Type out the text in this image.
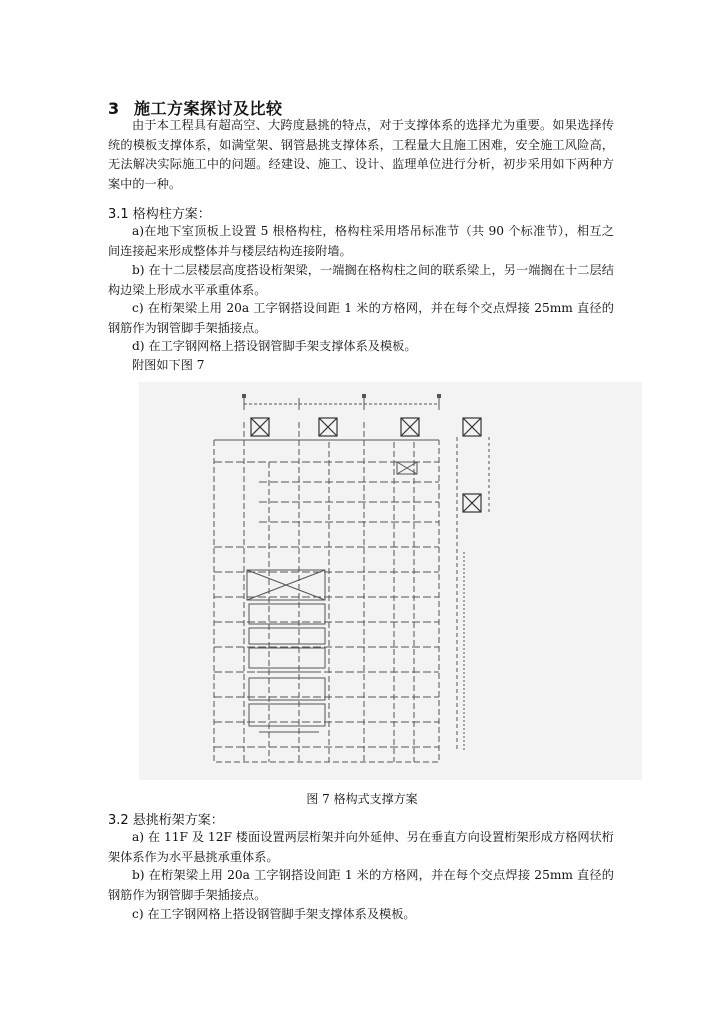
3 施工方案探讨及比较

由于本工程具有超高空、大跨度悬挑的特点，对于支撑体系的选择尤为重要。如果选择传统的模板支撑体系，如满堂架、钢管悬挑支撑体系，工程量大且施工困难，安全施工风险高，无法解决实际施工中的问题。经建设、施工、设计、监理单位进行分析，初步采用如下两种方案中的一种。

3.1 格构柱方案：

a)在地下室顶板上设置 5 根格构柱，格构柱采用塔吊标准节（共 90 个标准节），相互之间连接起来形成整体并与楼层结构连接附墙。

b) 在十二层楼层高度搭设桁架梁，一端搁在格构柱之间的联系梁上，另一端搁在十二层结构边梁上形成水平承重体系。

c) 在桁架梁上用 20a 工字钢搭设间距 1 米的方格网，并在每个交点焊接 25mm 直径的钢筋作为钢管脚手架插接点。

d) 在工字钢网格上搭设钢管脚手架支撑体系及模板。

附图如下图 7

图 7 格构式支撑方案
3.2 悬挑桁架方案：

a) 在 11F 及 12F 楼面设置两层桁架并向外延伸、另在垂直方向设置桁架形成方格网状桁架体系作为水平悬挑承重体系。

b) 在桁架梁上用 20a 工字钢搭设间距 1 米的方格网，并在每个交点焊接 25mm 直径的钢筋作为钢管脚手架插接点。

c) 在工字钢网格上搭设钢管脚手架支撑体系及模板。
